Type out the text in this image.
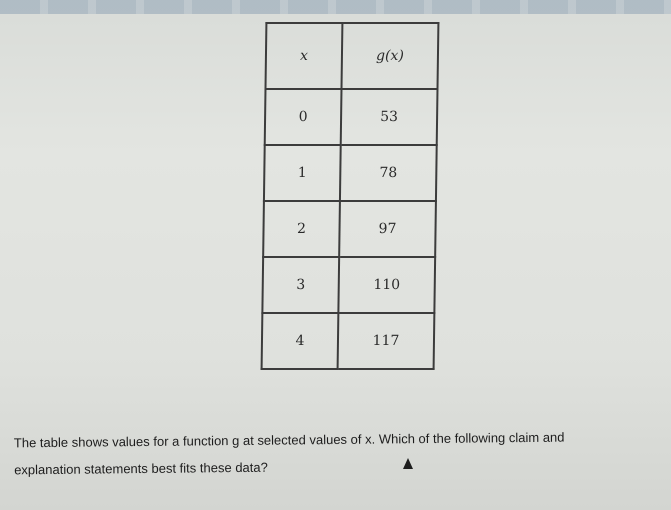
x	g(x)
0	53
1	78
2	97
3	110
4	117
The table shows values for a function g at selected values of x. Which of the following claim and
explanation statements best fits these data?
